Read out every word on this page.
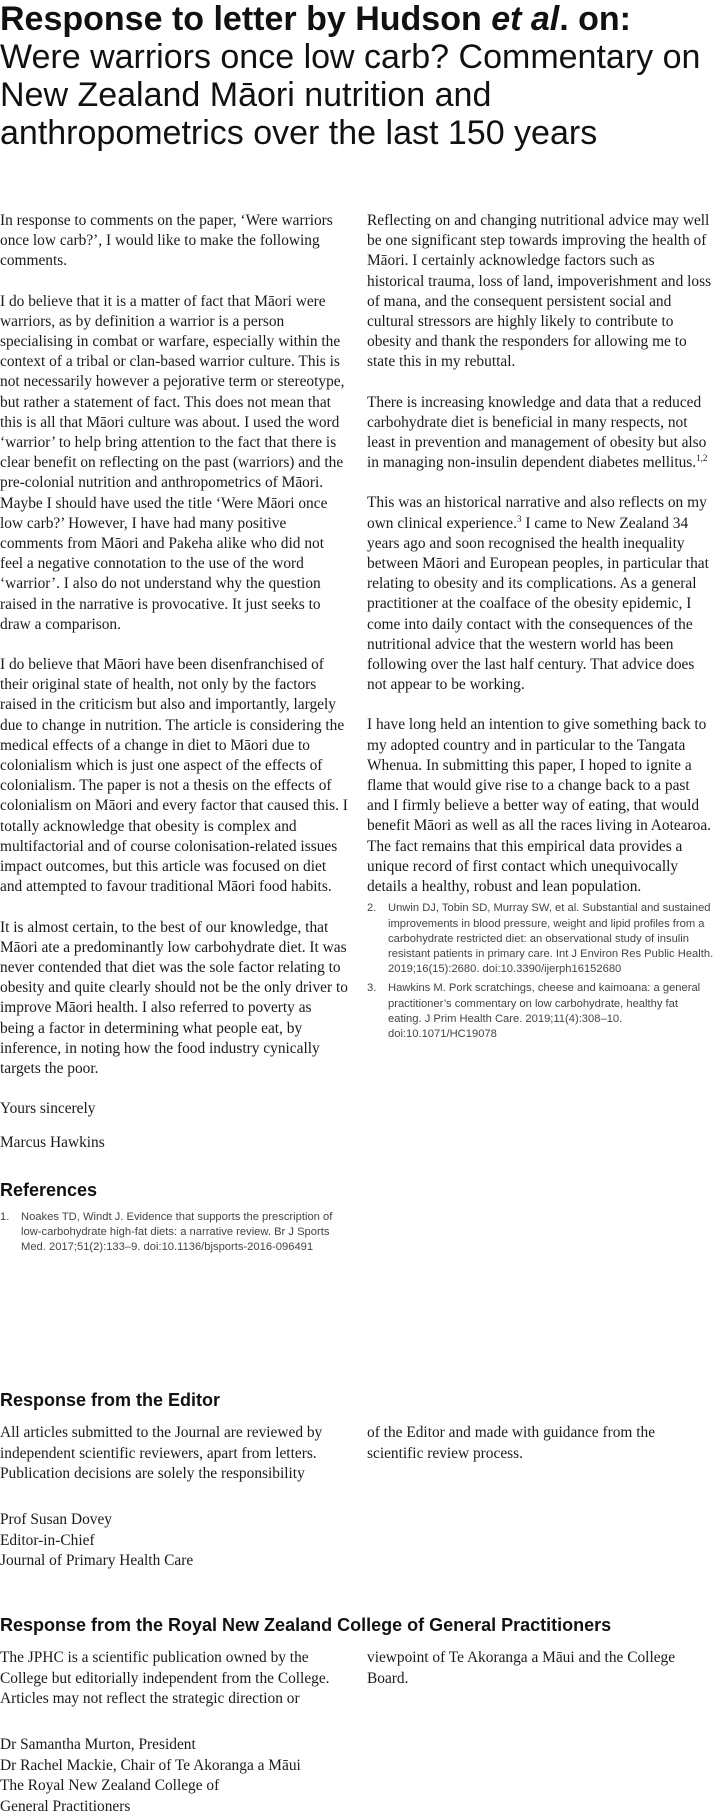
Response to letter by Hudson et al. on: Were warriors once low carb? Commentary on New Zealand Māori nutrition and anthropometrics over the last 150 years

In response to comments on the paper, ‘Were warriors once low carb?’, I would like to make the following comments.

I do believe that it is a matter of fact that Māori were warriors, as by definition a warrior is a person specialising in combat or warfare, especially within the context of a tribal or clan-based warrior culture. This is not necessarily however a pejorative term or stereotype, but rather a statement of fact. This does not mean that this is all that Māori culture was about. I used the word ‘warrior’ to help bring attention to the fact that there is clear benefit on reflecting on the past (warriors) and the pre-colonial nutrition and anthropometrics of Māori. Maybe I should have used the title ‘Were Māori once low carb?’ However, I have had many positive comments from Māori and Pakeha alike who did not feel a negative connotation to the use of the word ‘warrior’. I also do not understand why the question raised in the narrative is provocative. It just seeks to draw a comparison.

I do believe that Māori have been disenfranchised of their original state of health, not only by the factors raised in the criticism but also and importantly, largely due to change in nutrition. The article is considering the medical effects of a change in diet to Māori due to colonialism which is just one aspect of the effects of colonialism. The paper is not a thesis on the effects of colonialism on Māori and every factor that caused this. I totally acknowledge that obesity is complex and multifactorial and of course colonisation-related issues impact outcomes, but this article was focused on diet and attempted to favour traditional Māori food habits.

It is almost certain, to the best of our knowledge, that Māori ate a predominantly low carbohydrate diet. It was never contended that diet was the sole factor relating to obesity and quite clearly should not be the only driver to improve Māori health. I also referred to poverty as being a factor in determining what people eat, by inference, in noting how the food industry cynically targets the poor.

Yours sincerely

Marcus Hawkins

References
1. Noakes TD, Windt J. Evidence that supports the prescription of low-carbohydrate high-fat diets: a narrative review. Br J Sports Med. 2017;51(2):133–9. doi:10.1136/bjsports-2016-096491

Reflecting on and changing nutritional advice may well be one significant step towards improving the health of Māori. I certainly acknowledge factors such as historical trauma, loss of land, impoverishment and loss of mana, and the consequent persistent social and cultural stressors are highly likely to contribute to obesity and thank the responders for allowing me to state this in my rebuttal.

There is increasing knowledge and data that a reduced carbohydrate diet is beneficial in many respects, not least in prevention and management of obesity but also in managing non-insulin dependent diabetes mellitus.$^{1,2}$

This was an historical narrative and also reflects on my own clinical experience.$^3$ I came to New Zealand 34 years ago and soon recognised the health inequality between Māori and European peoples, in particular that relating to obesity and its complications. As a general practitioner at the coalface of the obesity epidemic, I come into daily contact with the consequences of the nutritional advice that the western world has been following over the last half century. That advice does not appear to be working.

I have long held an intention to give something back to my adopted country and in particular to the Tangata Whenua. In submitting this paper, I hoped to ignite a flame that would give rise to a change back to a past and I firmly believe a better way of eating, that would benefit Māori as well as all the races living in Aotearoa. The fact remains that this empirical data provides a unique record of first contact which unequivocally details a healthy, robust and lean population.

2. Unwin DJ, Tobin SD, Murray SW, et al. Substantial and sustained improvements in blood pressure, weight and lipid profiles from a carbohydrate restricted diet: an observational study of insulin resistant patients in primary care. Int J Environ Res Public Health. 2019;16(15):2680. doi:10.3390/ijerph16152680
3. Hawkins M. Pork scratchings, cheese and kaimoana: a general practitioner’s commentary on low carbohydrate, healthy fat eating. J Prim Health Care. 2019;11(4):308–10. doi:10.1071/HC19078
Response from the Editor

All articles submitted to the Journal are reviewed by independent scientific reviewers, apart from letters. Publication decisions are solely the responsibility

of the Editor and made with guidance from the scientific review process.

Prof Susan Dovey

Editor-in-Chief

Journal of Primary Health Care

Response from the Royal New Zealand College of General Practitioners

The JPHC is a scientific publication owned by the College but editorially independent from the College. Articles may not reflect the strategic direction or

viewpoint of Te Akoranga a Māui and the College Board.

Dr Samantha Murton, President

Dr Rachel Mackie, Chair of Te Akoranga a Māui

The Royal New Zealand College of

General Practitioners
